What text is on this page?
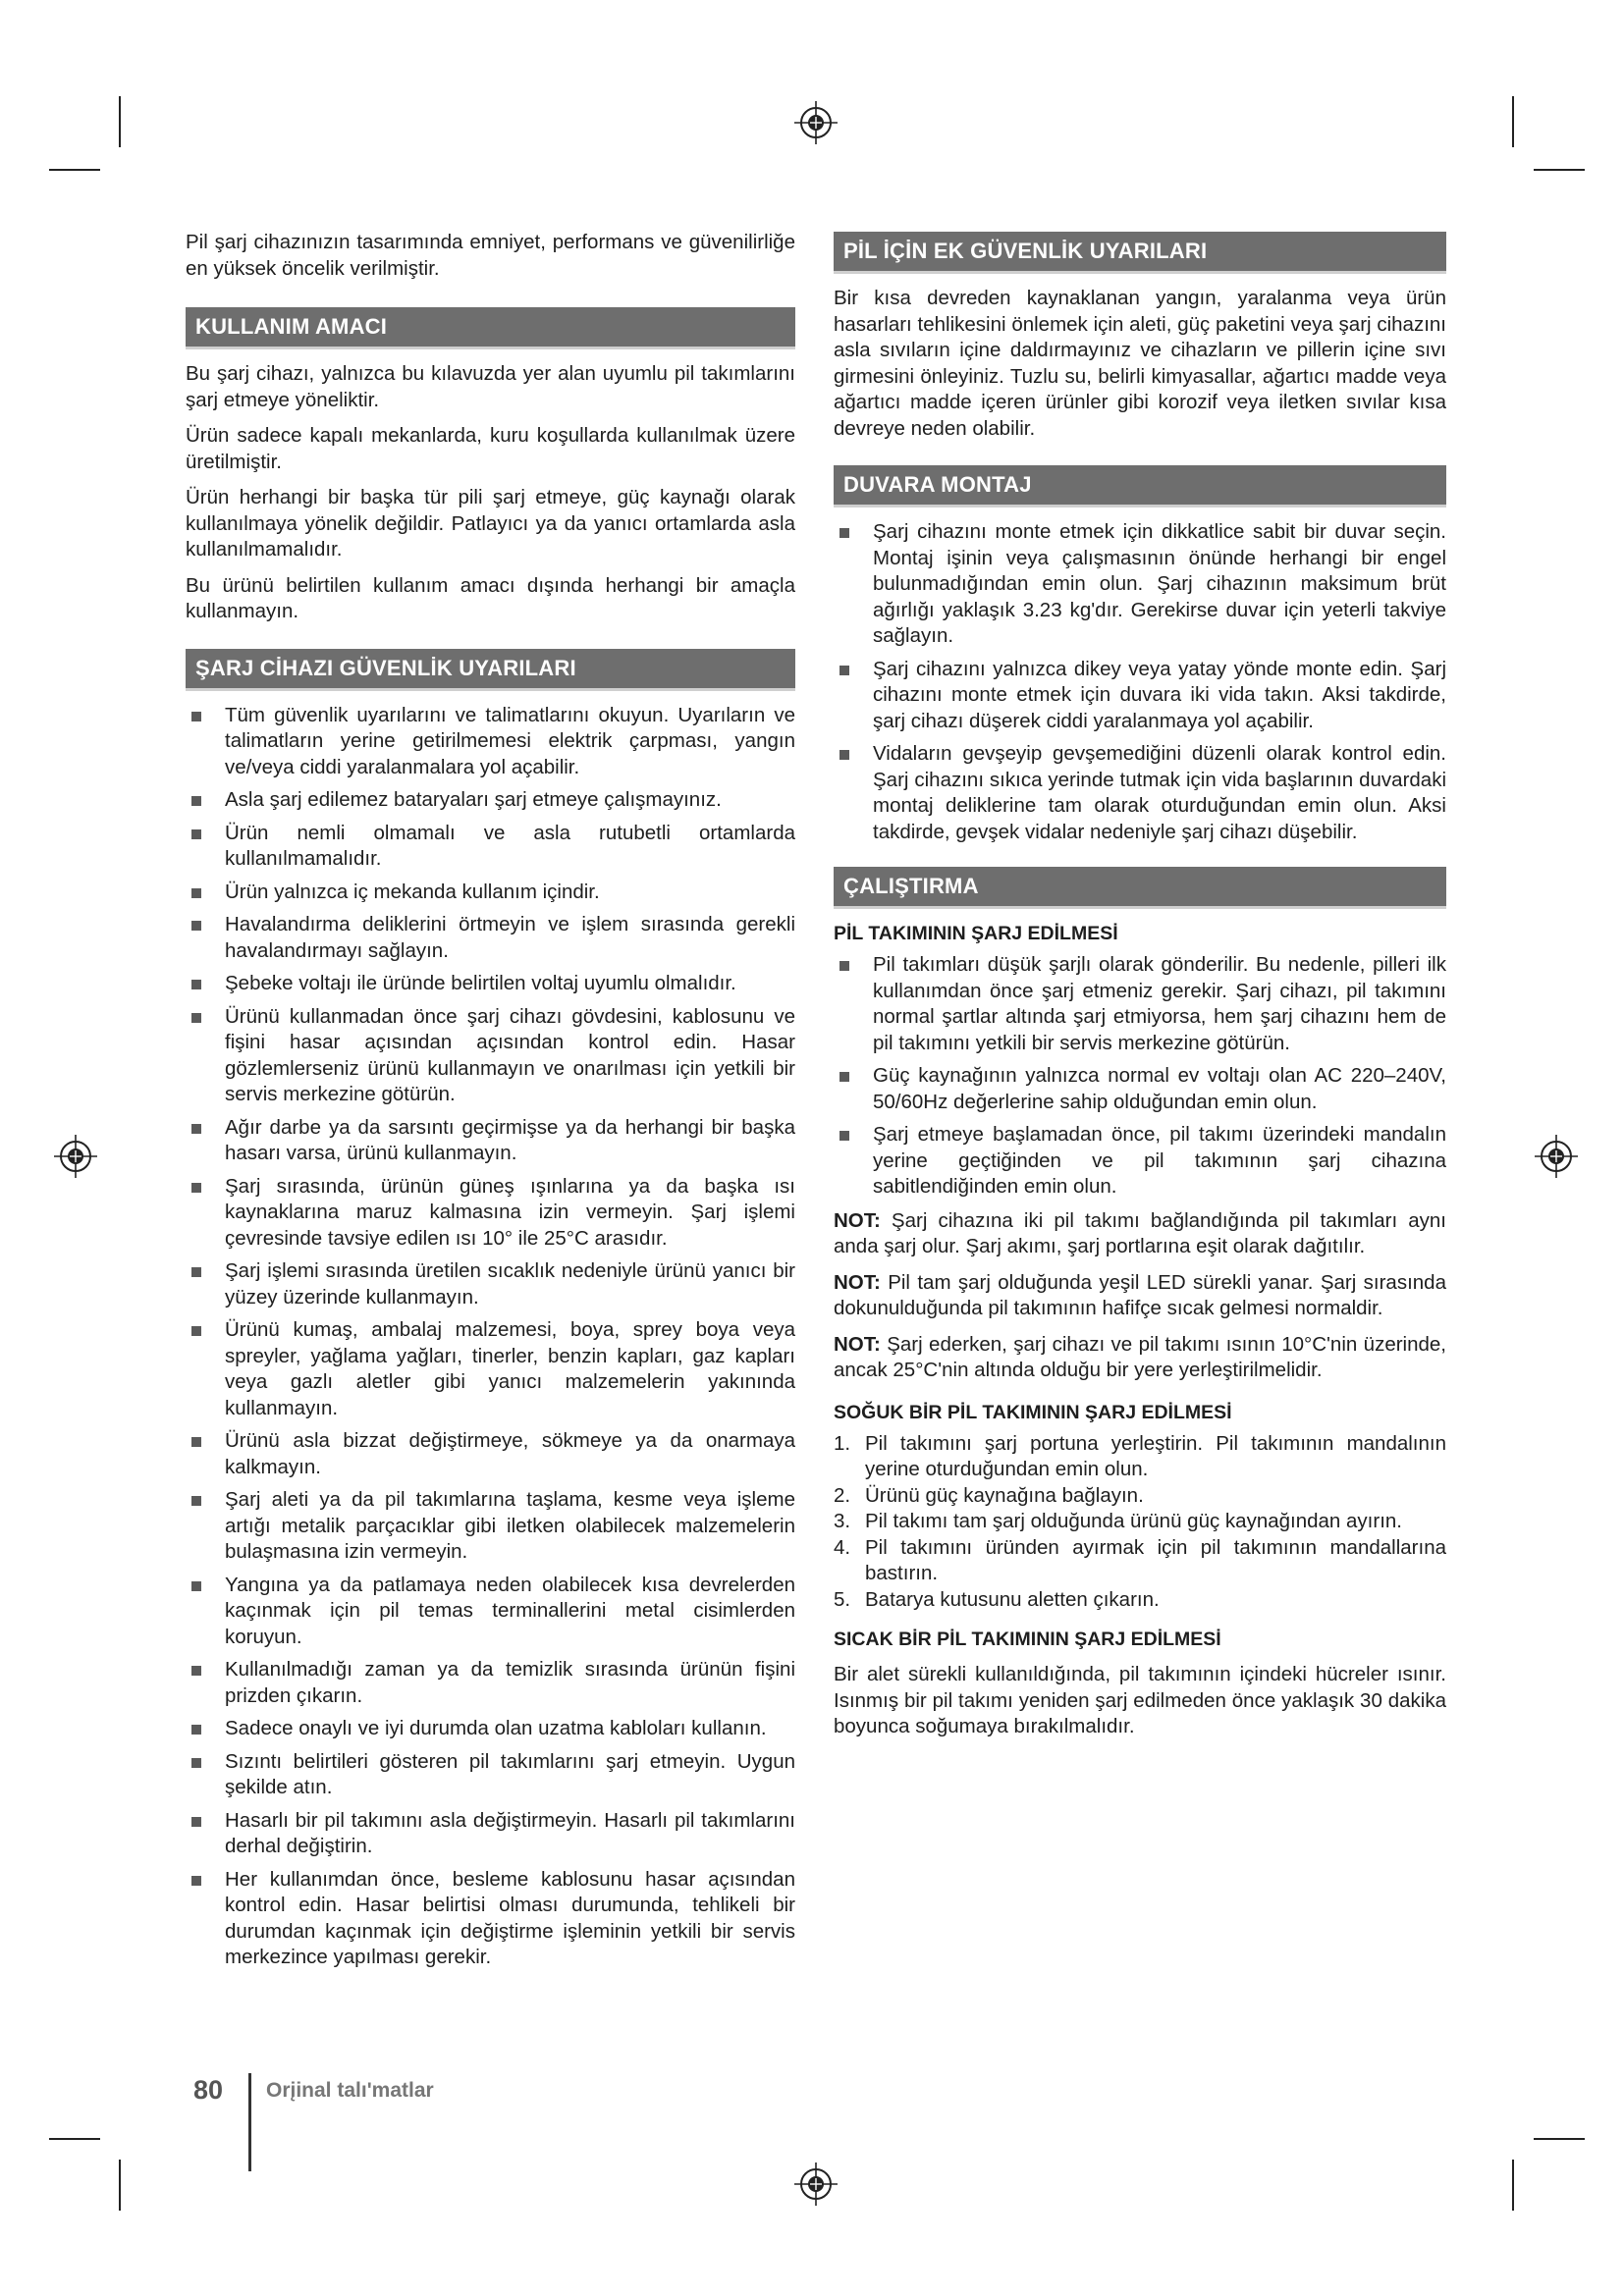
Pil şarj cihazınızın tasarımında emniyet, performans ve güvenilirliğe en yüksek öncelik verilmiştir.

KULLANIM AMACI

Bu şarj cihazı, yalnızca bu kılavuzda yer alan uyumlu pil takımlarını şarj etmeye yöneliktir.

Ürün sadece kapalı mekanlarda, kuru koşullarda kullanılmak üzere üretilmiştir.

Ürün herhangi bir başka tür pili şarj etmeye, güç kaynağı olarak kullanılmaya yönelik değildir. Patlayıcı ya da yanıcı ortamlarda asla kullanılmamalıdır.

Bu ürünü belirtilen kullanım amacı dışında herhangi bir amaçla kullanmayın.

ŞARJ CİHAZI GÜVENLİK UYARILARI
Tüm güvenlik uyarılarını ve talimatlarını okuyun. Uyarıların ve talimatların yerine getirilmemesi elektrik çarpması, yangın ve/veya ciddi yaralanmalara yol açabilir.
Asla şarj edilemez bataryaları şarj etmeye çalışmayınız.
Ürün nemli olmamalı ve asla rutubetli ortamlarda kullanılmamalıdır.
Ürün yalnızca iç mekanda kullanım içindir.
Havalandırma deliklerini örtmeyin ve işlem sırasında gerekli havalandırmayı sağlayın.
Şebeke voltajı ile üründe belirtilen voltaj uyumlu olmalıdır.
Ürünü kullanmadan önce şarj cihazı gövdesini, kablosunu ve fişini hasar açısından açısından kontrol edin. Hasar gözlemlerseniz ürünü kullanmayın ve onarılması için yetkili bir servis merkezine götürün.
Ağır darbe ya da sarsıntı geçirmişse ya da herhangi bir başka hasarı varsa, ürünü kullanmayın.
Şarj sırasında, ürünün güneş ışınlarına ya da başka ısı kaynaklarına maruz kalmasına izin vermeyin. Şarj işlemi çevresinde tavsiye edilen ısı 10° ile 25°C arasıdır.
Şarj işlemi sırasında üretilen sıcaklık nedeniyle ürünü yanıcı bir yüzey üzerinde kullanmayın.
Ürünü kumaş, ambalaj malzemesi, boya, sprey boya veya spreyler, yağlama yağları, tinerler, benzin kapları, gaz kapları veya gazlı aletler gibi yanıcı malzemelerin yakınında kullanmayın.
Ürünü asla bizzat değiştirmeye, sökmeye ya da onarmaya kalkmayın.
Şarj aleti ya da pil takımlarına taşlama, kesme veya işleme artığı metalik parçacıklar gibi iletken olabilecek malzemelerin bulaşmasına izin vermeyin.
Yangına ya da patlamaya neden olabilecek kısa devrelerden kaçınmak için pil temas terminallerini metal cisimlerden koruyun.
Kullanılmadığı zaman ya da temizlik sırasında ürünün fişini prizden çıkarın.
Sadece onaylı ve iyi durumda olan uzatma kabloları kullanın.
Sızıntı belirtileri gösteren pil takımlarını şarj etmeyin. Uygun şekilde atın.
Hasarlı bir pil takımını asla değiştirmeyin. Hasarlı pil takımlarını derhal değiştirin.
Her kullanımdan önce, besleme kablosunu hasar açısından kontrol edin. Hasar belirtisi olması durumunda, tehlikeli bir durumdan kaçınmak için değiştirme işleminin yetkili bir servis merkezince yapılması gerekir.
PİL İÇİN EK GÜVENLİK UYARILARI

Bir kısa devreden kaynaklanan yangın, yaralanma veya ürün hasarları tehlikesini önlemek için aleti, güç paketini veya şarj cihazını asla sıvıların içine daldırmayınız ve cihazların ve pillerin içine sıvı girmesini önleyiniz. Tuzlu su, belirli kimyasallar, ağartıcı madde veya ağartıcı madde içeren ürünler gibi korozif veya iletken sıvılar kısa devreye neden olabilir.

DUVARA MONTAJ
Şarj cihazını monte etmek için dikkatlice sabit bir duvar seçin. Montaj işinin veya çalışmasının önünde herhangi bir engel bulunmadığından emin olun. Şarj cihazının maksimum brüt ağırlığı yaklaşık 3.23 kg'dır. Gerekirse duvar için yeterli takviye sağlayın.
Şarj cihazını yalnızca dikey veya yatay yönde monte edin. Şarj cihazını monte etmek için duvara iki vida takın. Aksi takdirde, şarj cihazı düşerek ciddi yaralanmaya yol açabilir.
Vidaların gevşeyip gevşemediğini düzenli olarak kontrol edin. Şarj cihazını sıkıca yerinde tutmak için vida başlarının duvardaki montaj deliklerine tam olarak oturduğundan emin olun. Aksi takdirde, gevşek vidalar nedeniyle şarj cihazı düşebilir.
ÇALIŞTIRMA
PİL TAKIMININ ŞARJ EDİLMESİ
Pil takımları düşük şarjlı olarak gönderilir. Bu nedenle, pilleri ilk kullanımdan önce şarj etmeniz gerekir. Şarj cihazı, pil takımını normal şartlar altında şarj etmiyorsa, hem şarj cihazını hem de pil takımını yetkili bir servis merkezine götürün.
Güç kaynağının yalnızca normal ev voltajı olan AC 220–240V, 50/60Hz değerlerine sahip olduğundan emin olun.
Şarj etmeye başlamadan önce, pil takımı üzerindeki mandalın yerine geçtiğinden ve pil takımının şarj cihazına sabitlendiğinden emin olun.

NOT: Şarj cihazına iki pil takımı bağlandığında pil takımları aynı anda şarj olur. Şarj akımı, şarj portlarına eşit olarak dağıtılır.

NOT: Pil tam şarj olduğunda yeşil LED sürekli yanar. Şarj sırasında dokunulduğunda pil takımının hafifçe sıcak gelmesi normaldir.

NOT: Şarj ederken, şarj cihazı ve pil takımı ısının 10°C'nin üzerinde, ancak 25°C'nin altında olduğu bir yere yerleştirilmelidir.

SOĞUK BİR PİL TAKIMININ ŞARJ EDİLMESİ
1. Pil takımını şarj portuna yerleştirin. Pil takımının mandalının yerine oturduğundan emin olun.
2. Ürünü güç kaynağına bağlayın.
3. Pil takımı tam şarj olduğunda ürünü güç kaynağından ayırın.
4. Pil takımını üründen ayırmak için pil takımının mandallarına bastırın.
5. Batarya kutusunu aletten çıkarın.
SICAK BİR PİL TAKIMININ ŞARJ EDİLMESİ

Bir alet sürekli kullanıldığında, pil takımının içindeki hücreler ısınır. Isınmış bir pil takımı yeniden şarj edilmeden önce yaklaşık 30 dakika boyunca soğumaya bırakılmalıdır.

80 Orįinal talı'matlar
